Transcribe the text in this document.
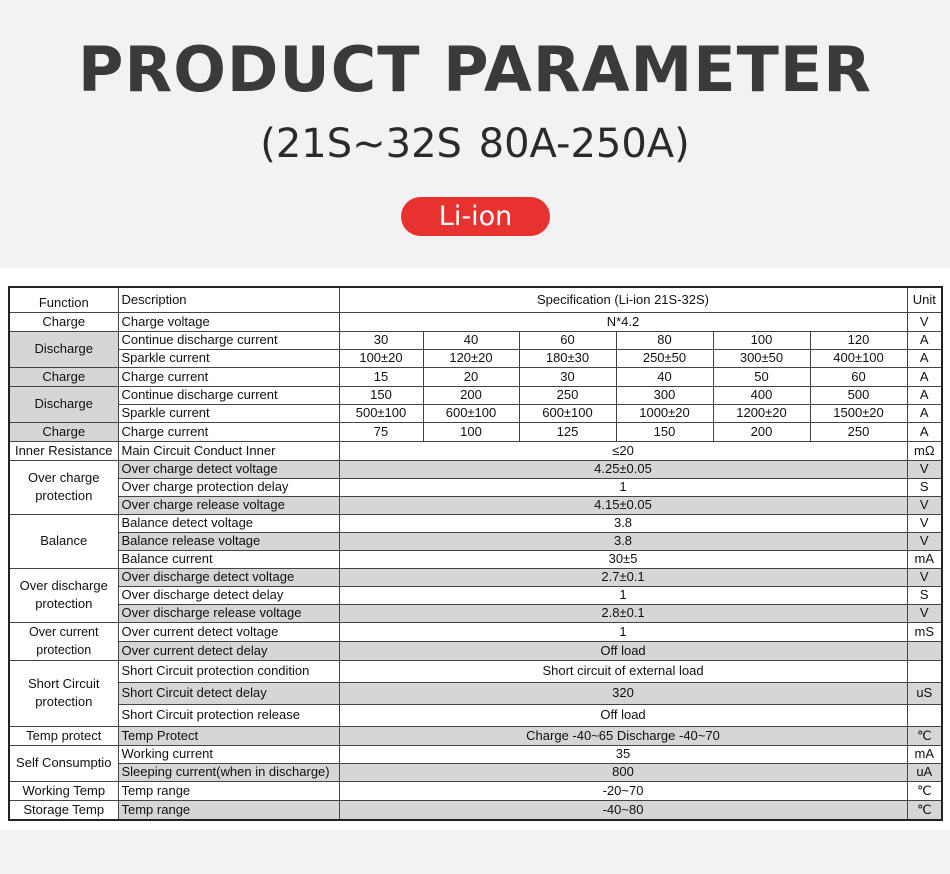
PRODUCT PARAMETER
(21S~32S 80A-250A)
Li-ion
Function	Description	Specification (Li-ion 21S-32S)						Unit
Charge	Charge voltage	N*4.2						V
Discharge	Continue discharge current	30	40	60	80	100	120	A
	Sparkle current	100±20	120±20	180±30	250±50	300±50	400±100	A
Charge	Charge current	15	20	30	40	50	60	A
Discharge	Continue discharge current	150	200	250	300	400	500	A
	Sparkle current	500±100	600±100	600±100	1000±20	1200±20	1500±20	A
Charge	Charge current	75	100	125	150	200	250	A
Inner Resistance	Main Circuit Conduct Inner	≤20						mΩ
Over charge protection	Over charge detect voltage	4.25±0.05						V
	Over charge protection delay	1						S
	Over charge release voltage	4.15±0.05						V
Balance	Balance detect voltage	3.8						V
	Balance release voltage	3.8						V
	Balance current	30±5						mA
Over discharge protection	Over discharge detect voltage	2.7±0.1						V
	Over discharge detect delay	1						S
	Over discharge release voltage	2.8±0.1						V
Over current protection	Over current detect voltage	1						mS
	Over current detect delay	Off load						
Short Circuit protection	Short Circuit protection condition	Short circuit of external load						
	Short Circuit detect delay	320						uS
	Short Circuit protection release	Off load						
Temp protect	Temp Protect	Charge -40~65 Discharge -40~70						℃
Self Consumptio	Working current	35						mA
	Sleeping current(when in discharge)	800						uA
Working Temp	Temp range	-20~70						℃
Storage Temp	Temp range	-40~80						℃
